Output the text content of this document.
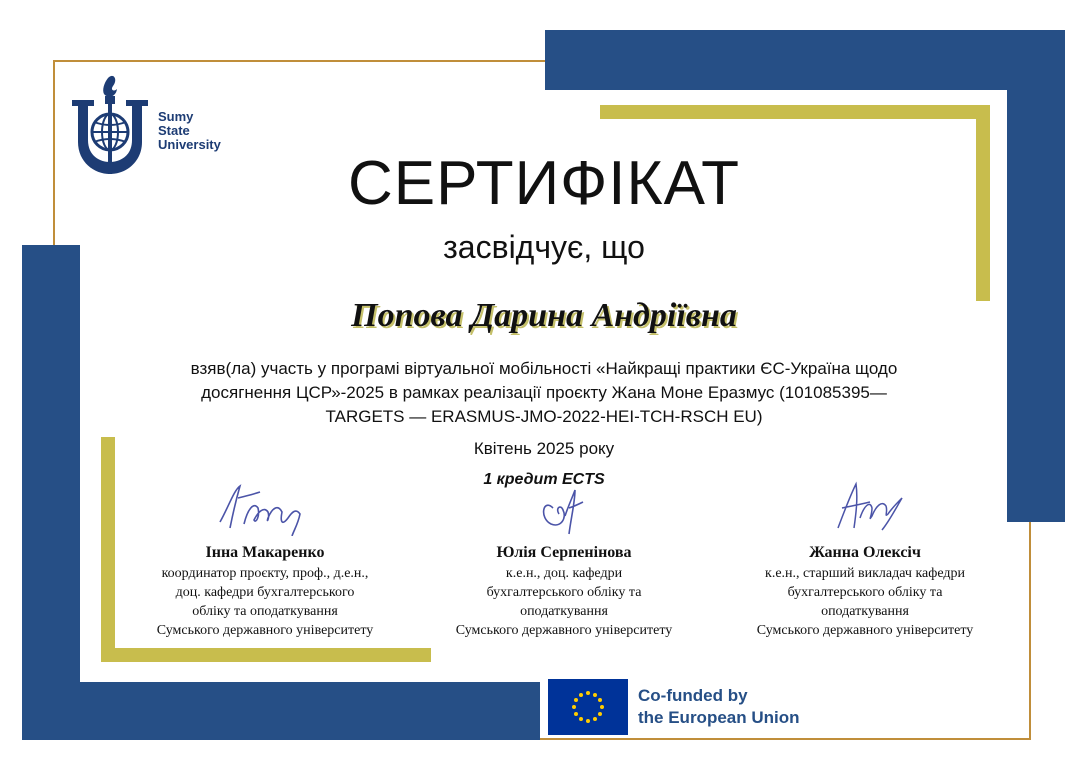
Sumy
State
University
СЕРТИФІКАТ
засвідчує, що
Попова Дарина Андріївна
взяв(ла) участь у програмі віртуальної мобільності «Найкращі практики ЄС-Україна щодо
досягнення ЦСР»-2025 в рамках реалізації проєкту Жана Моне Еразмус (101085395—
TARGETS — ERASMUS-JMO-2022-HEI-TCH-RSCH EU)
Квітень 2025 року
1 кредит ECTS
Інна Макаренко
координатор проєкту, проф., д.е.н.,
доц. кафедри бухгалтерського
обліку та оподаткування
Сумського державного університету
Юлія Серпенінова
к.е.н., доц. кафедри
бухгалтерського обліку та
оподаткування
Сумського державного університету
Жанна Олексіч
к.е.н., старший викладач кафедри
бухгалтерського обліку та
оподаткування
Сумського державного університету
Co-funded by
the European Union
